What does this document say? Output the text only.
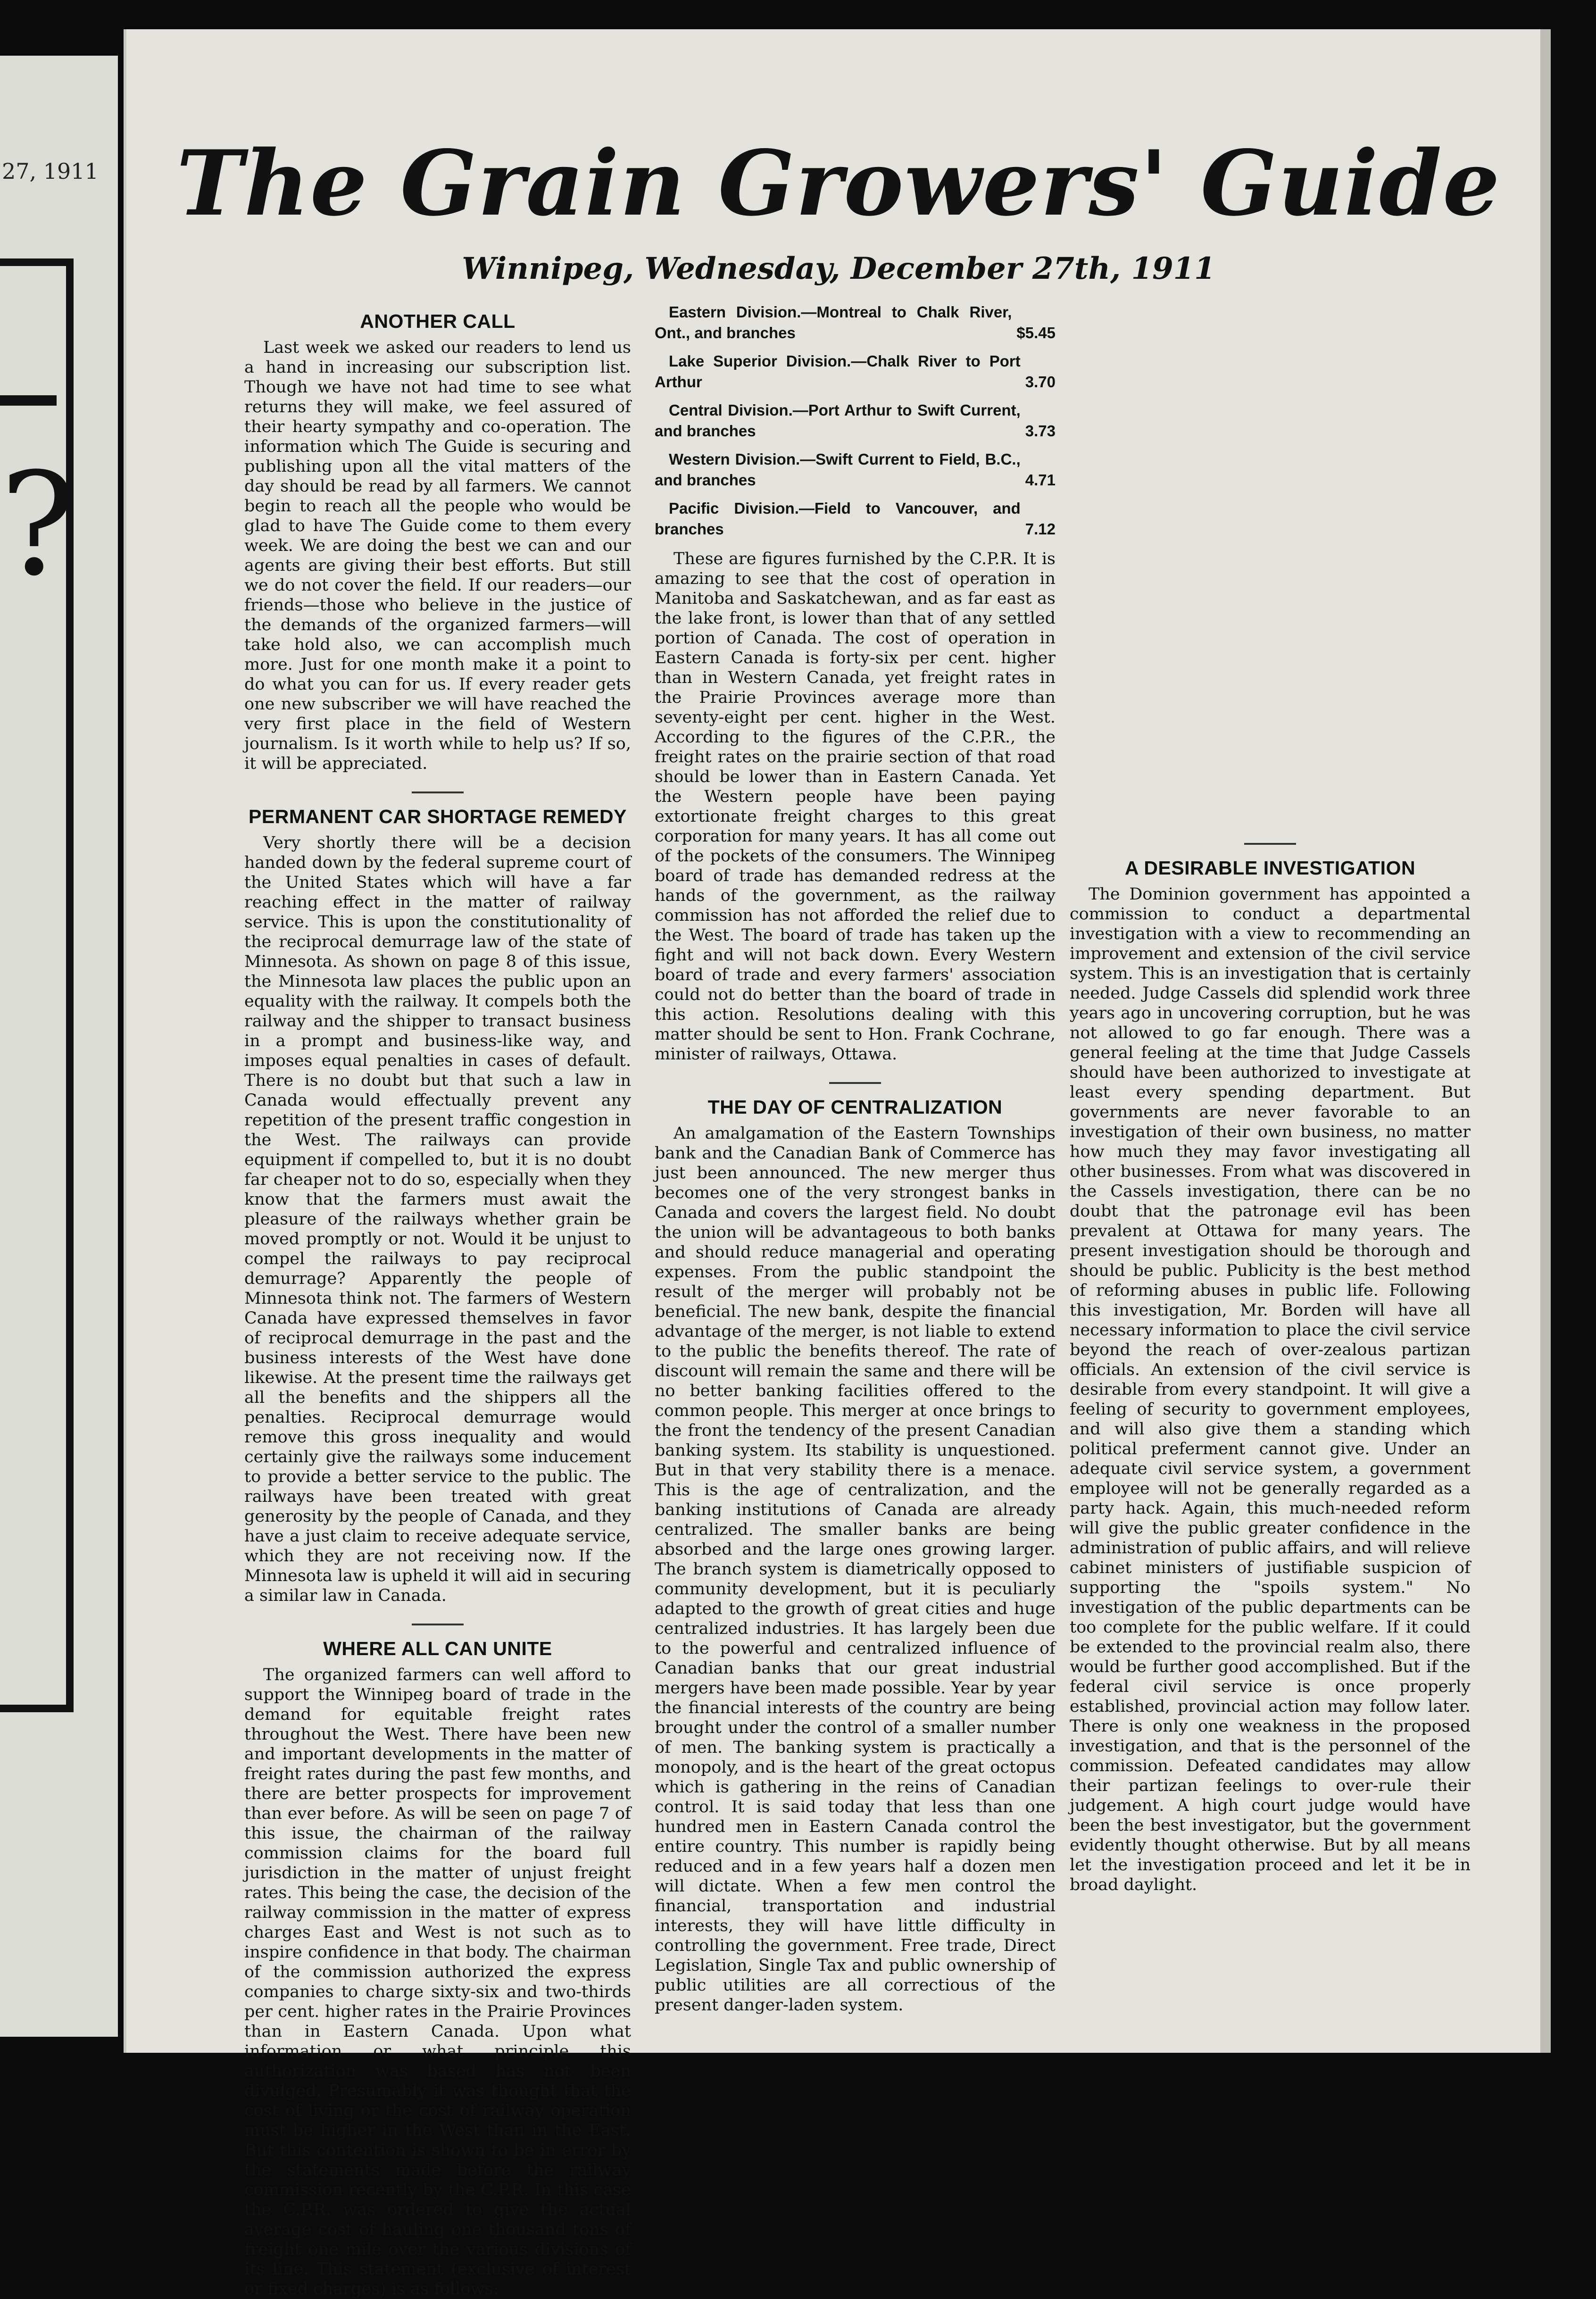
27, 1911
?
The Grain Growers' Guide
Winnipeg, Wednesday, December 27th, 1911
ANOTHER CALL

Last week we asked our readers to lend us a hand in increasing our subscription list. Though we have not had time to see what returns they will make, we feel assured of their hearty sympathy and co-operation. The information which The Guide is securing and publishing upon all the vital matters of the day should be read by all farmers. We cannot begin to reach all the people who would be glad to have The Guide come to them every week. We are doing the best we can and our agents are giving their best efforts. But still we do not cover the field. If our readers—our friends—those who believe in the justice of the demands of the organized farmers—will take hold also, we can accomplish much more. Just for one month make it a point to do what you can for us. If every reader gets one new subscriber we will have reached the very first place in the field of Western journalism. Is it worth while to help us? If so, it will be appreciated.

PERMANENT CAR SHORTAGE REMEDY

Very shortly there will be a decision handed down by the federal supreme court of the United States which will have a far reaching effect in the matter of railway service. This is upon the constitutionality of the reciprocal demurrage law of the state of Minnesota. As shown on page 8 of this issue, the Minnesota law places the public upon an equality with the railway. It compels both the railway and the shipper to transact business in a prompt and business-like way, and imposes equal penalties in cases of default. There is no doubt but that such a law in Canada would effectually prevent any repetition of the present traffic congestion in the West. The railways can provide equipment if compelled to, but it is no doubt far cheaper not to do so, especially when they know that the farmers must await the pleasure of the railways whether grain be moved promptly or not. Would it be unjust to compel the railways to pay reciprocal demurrage? Apparently the people of Minnesota think not. The farmers of Western Canada have expressed themselves in favor of reciprocal demurrage in the past and the business interests of the West have done likewise. At the present time the railways get all the benefits and the shippers all the penalties. Reciprocal demurrage would remove this gross inequality and would certainly give the railways some inducement to provide a better service to the public. The railways have been treated with great generosity by the people of Canada, and they have a just claim to receive adequate service, which they are not receiving now. If the Minnesota law is upheld it will aid in securing a similar law in Canada.

WHERE ALL CAN UNITE

The organized farmers can well afford to support the Winnipeg board of trade in the demand for equitable freight rates throughout the West. There have been new and important developments in the matter of freight rates during the past few months, and there are better prospects for improvement than ever before. As will be seen on page 7 of this issue, the chairman of the railway commission claims for the board full jurisdiction in the matter of unjust freight rates. This being the case, the decision of the railway commission in the matter of express charges East and West is not such as to inspire confidence in that body. The chairman of the commission authorized the express companies to charge sixty-six and two-thirds per cent. higher rates in the Prairie Provinces than in Eastern Canada. Upon what information or what principle this authorization was based has not been divulged. Presumably it was thought that the cost of living or the cost of railway operation must be higher in the West than in the East. But this contention is shown to be in error by the statements made before the railway commission recently by the C.P.R. In this case the C.P.R. was ordered to give the actual average cost of hauling one thousand tons of freight one mile over the various divisions of its line. This statement (exclusive of interest or fixed charges) is as follows:

Eastern Division.—Montreal to Chalk River, Ont., and branches	$5.45
Lake Superior Division.—Chalk River to Port Arthur	3.70
Central Division.—Port Arthur to Swift Current, and branches	3.73
Western Division.—Swift Current to Field, B.C., and branches	4.71
Pacific Division.—Field to Vancouver, and branches	7.12

These are figures furnished by the C.P.R. It is amazing to see that the cost of operation in Manitoba and Saskatchewan, and as far east as the lake front, is lower than that of any settled portion of Canada. The cost of operation in Eastern Canada is forty-six per cent. higher than in Western Canada, yet freight rates in the Prairie Provinces average more than seventy-eight per cent. higher in the West. According to the figures of the C.P.R., the freight rates on the prairie section of that road should be lower than in Eastern Canada. Yet the Western people have been paying extortionate freight charges to this great corporation for many years. It has all come out of the pockets of the consumers. The Winnipeg board of trade has demanded redress at the hands of the government, as the railway commission has not afforded the relief due to the West. The board of trade has taken up the fight and will not back down. Every Western board of trade and every farmers' association could not do better than the board of trade in this action. Resolutions dealing with this matter should be sent to Hon. Frank Cochrane, minister of railways, Ottawa.

THE DAY OF CENTRALIZATION

An amalgamation of the Eastern Townships bank and the Canadian Bank of Commerce has just been announced. The new merger thus becomes one of the very strongest banks in Canada and covers the largest field. No doubt the union will be advantageous to both banks and should reduce managerial and operating expenses. From the public standpoint the result of the merger will probably not be beneficial. The new bank, despite the financial advantage of the merger, is not liable to extend to the public the benefits thereof. The rate of discount will remain the same and there will be no better banking facilities offered to the common people. This merger at once brings to the front the tendency of the present Canadian banking system. Its stability is unquestioned. But in that very stability there is a menace. This is the age of centralization, and the banking institutions of Canada are already centralized. The smaller banks are being absorbed and the large ones growing larger. The branch system is diametrically opposed to community development, but it is peculiarly adapted to the growth of great cities and huge centralized industries. It has largely been due to the powerful and centralized influence of Canadian banks that our great industrial mergers have been made possible. Year by year the financial interests of the country are being brought under the control of a smaller number of men. The banking system is practically a monopoly, and is the heart of the great octopus which is gathering in the reins of Canadian control. It is said today that less than one hundred men in Eastern Canada control the entire country. This number is rapidly being reduced and in a few years half a dozen men will dictate. When a few men control the financial, transportation and industrial interests, they will have little difficulty in controlling the government. Free trade, Direct Legislation, Single Tax and public ownership of public utilities are all correctious of the present danger-laden system.

A DESIRABLE INVESTIGATION

The Dominion government has appointed a commission to conduct a departmental investigation with a view to recommending an improvement and extension of the civil service system. This is an investigation that is certainly needed. Judge Cassels did splendid work three years ago in uncovering corruption, but he was not allowed to go far enough. There was a general feeling at the time that Judge Cassels should have been authorized to investigate at least every spending department. But governments are never favorable to an investigation of their own business, no matter how much they may favor investigating all other businesses. From what was discovered in the Cassels investigation, there can be no doubt that the patronage evil has been prevalent at Ottawa for many years. The present investigation should be thorough and should be public. Publicity is the best method of reforming abuses in public life. Following this investigation, Mr. Borden will have all necessary information to place the civil service beyond the reach of over-zealous partizan officials. An extension of the civil service is desirable from every standpoint. It will give a feeling of security to government employees, and will also give them a standing which political preferment cannot give. Under an adequate civil service system, a government employee will not be generally regarded as a party hack. Again, this much-needed reform will give the public greater confidence in the administration of public affairs, and will relieve cabinet ministers of justifiable suspicion of supporting the "spoils system." No investigation of the public departments can be too complete for the public welfare. If it could be extended to the provincial realm also, there would be further good accomplished. But if the federal civil service is once properly established, provincial action may follow later. There is only one weakness in the proposed investigation, and that is the personnel of the commission. Defeated candidates may allow their partizan feelings to over-rule their judgement. A high court judge would have been the best investigator, but the government evidently thought otherwise. But by all means let the investigation proceed and let it be in broad daylight.
